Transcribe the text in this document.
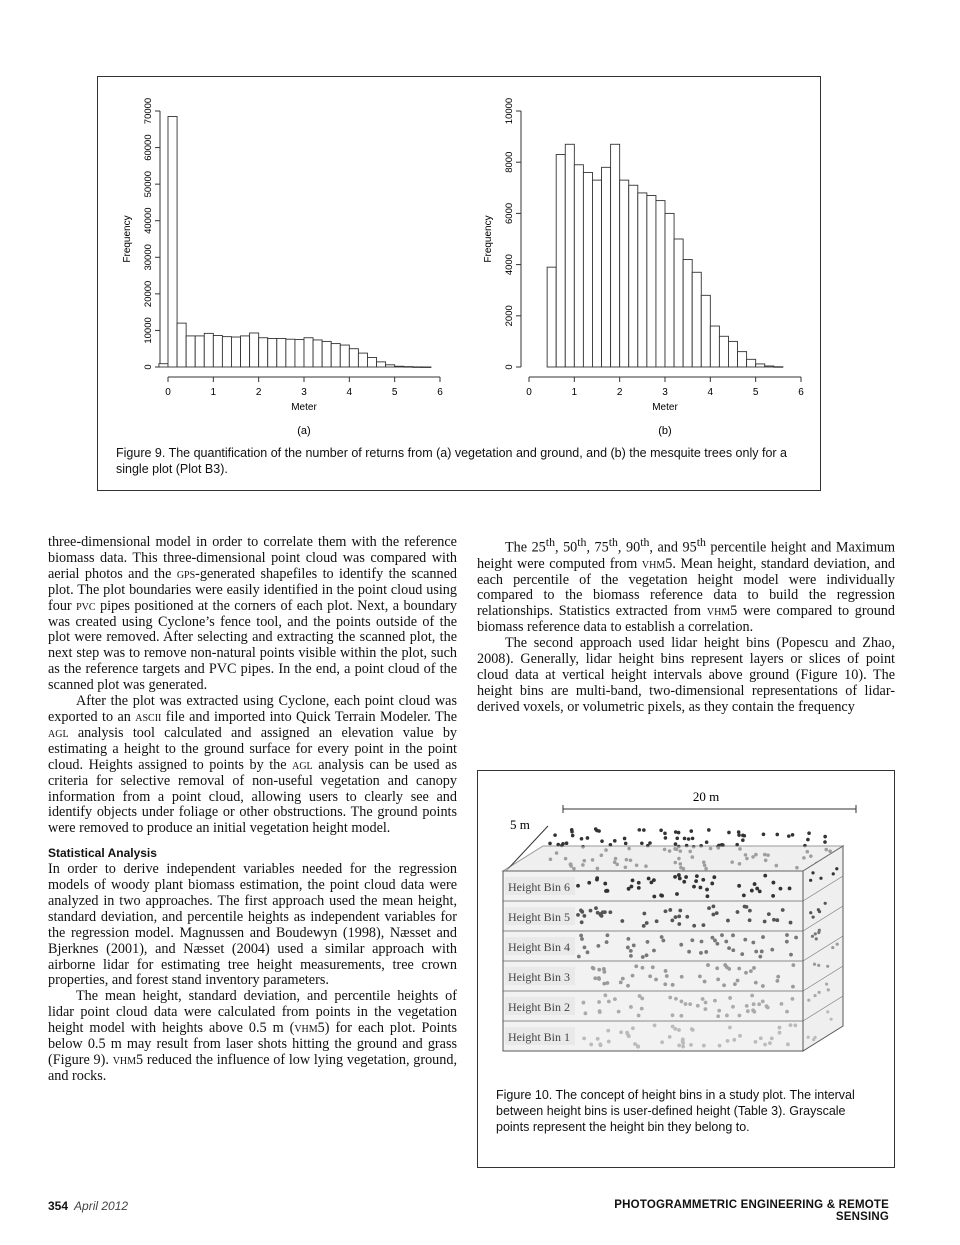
0	1	2	3	4	5	6
Meter
0
10000
20000
30000
40000
50000
60000
70000
Frequency
(a)
0	1	2	3	4	5	6
Meter
0
2000
4000
6000
8000
10000
Frequency
(b)
Figure 9. The quantification of the number of returns from (a) vegetation and ground, and (b) the mesquite trees only for a single plot (Plot B3).

three-dimensional model in order to correlate them with the reference biomass data. This three-dimensional point cloud was compared with aerial photos and the gps-generated shapefiles to identify the scanned plot. The plot boundaries were easily identified in the point cloud using four pvc pipes positioned at the corners of each plot. Next, a boundary was created using Cyclone’s fence tool, and the points outside of the plot were removed. After selecting and extracting the scanned plot, the next step was to remove non-natural points visible within the plot, such as the reference targets and PVC pipes. In the end, a point cloud of the scanned plot was generated.

After the plot was extracted using Cyclone, each point cloud was exported to an ascii file and imported into Quick Terrain Modeler. The agl analysis tool calculated and assigned an elevation value by estimating a height to the ground surface for every point in the point cloud. Heights assigned to points by the agl analysis can be used as criteria for selective removal of non-useful vegetation and canopy information from a point cloud, allowing users to clearly see and identify objects under foliage or other obstructions. The ground points were removed to produce an initial vegetation height model.

Statistical Analysis

In order to derive independent variables needed for the regression models of woody plant biomass estimation, the point cloud data were analyzed in two approaches. The first approach used the mean height, standard deviation, and percentile heights as independent variables for the regression model. Magnussen and Boudewyn (1998), Næsset and Bjerknes (2001), and Næsset (2004) used a similar approach with airborne lidar for estimating tree height measurements, tree crown properties, and forest stand inventory parameters.

The mean height, standard deviation, and percentile heights of lidar point cloud data were calculated from points in the vegetation height model with heights above 0.5 m (vhm5) for each plot. Points below 0.5 m may result from laser shots hitting the ground and grass (Figure 9). vhm5 reduced the influence of low lying vegetation, ground, and rocks.

The 25th, 50th, 75th, 90th, and 95th percentile height and Maximum height were computed from vhm5. Mean height, standard deviation, and each percentile of the vegetation height model were individually compared to the biomass reference data to build the regression relationships. Statistics extracted from vhm5 were compared to ground biomass reference data to establish a correlation.

The second approach used lidar height bins (Popescu and Zhao, 2008). Generally, lidar height bins represent layers or slices of point cloud data at vertical height intervals above ground (Figure 10). The height bins are multi-band, two-dimensional representations of lidar-derived voxels, or volumetric pixels, as they contain the frequency

20 m
5 m
Height Bin 6
Height Bin 5
Height Bin 4
Height Bin 3
Height Bin 2
Height Bin 1
Figure 10. The concept of height bins in a study plot. The interval between height bins is user-defined height (Table 3). Grayscale points represent the height bin they belong to.
354 April 2012	PHOTOGRAMMETRIC ENGINEERING & REMOTE SENSING
